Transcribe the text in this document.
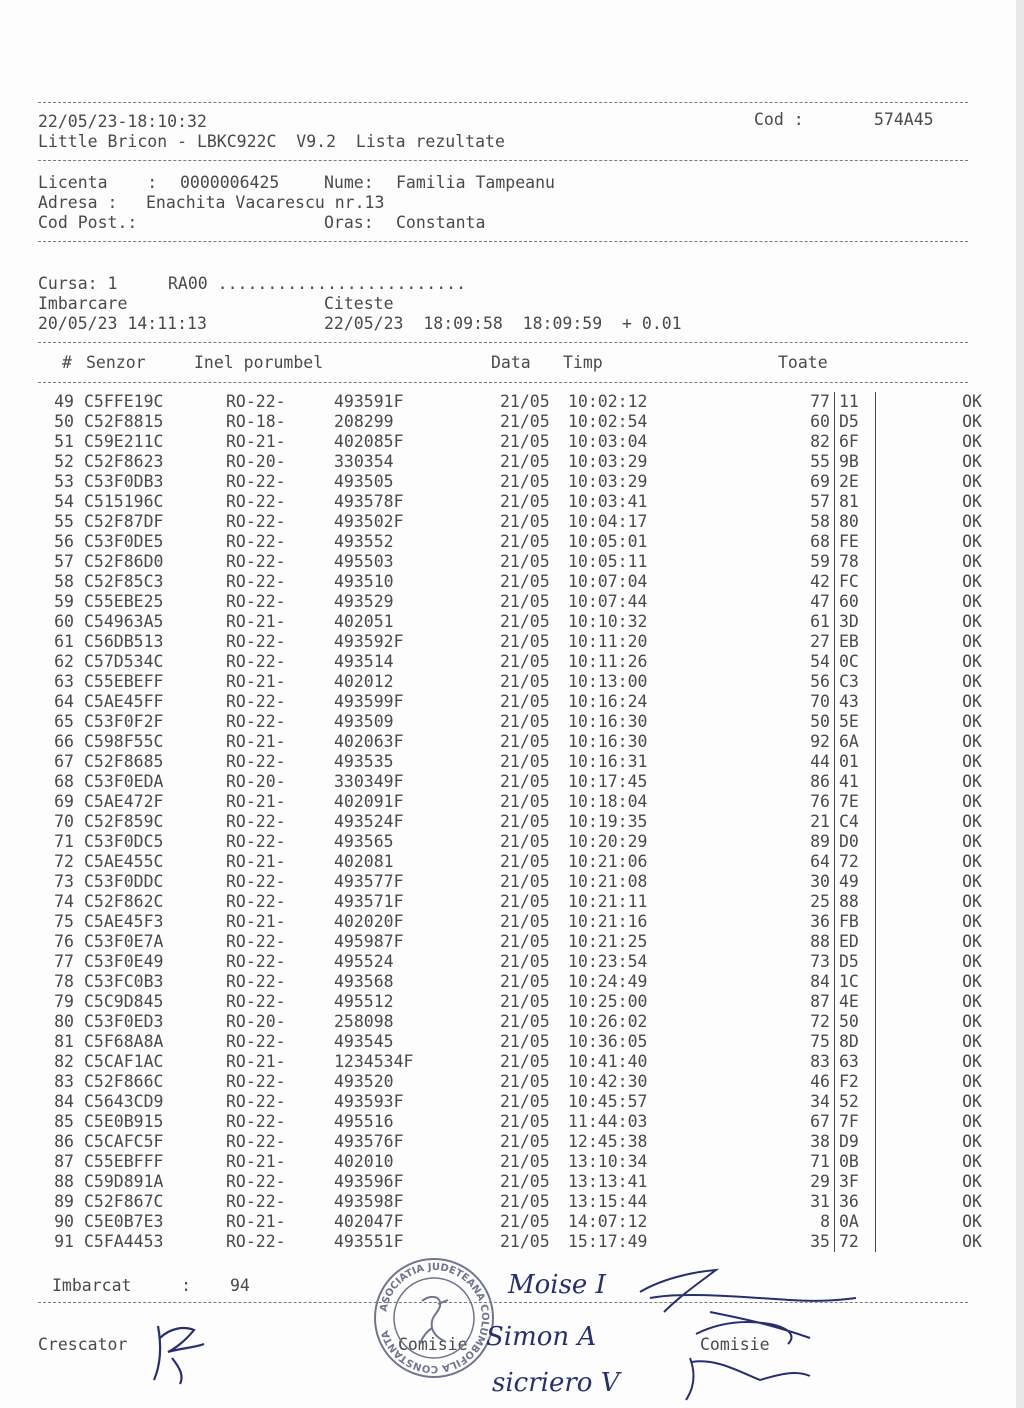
22/05/23-18:10:32	Cod :	574A45
Little Bricon - LBKC922C  V9.2  Lista rezultate
Licenta    : 0000006425	Nume: Familia Tampeanu
Adresa : Enachita Vacarescu nr.13
Cod Post.:	Oras: Constanta
Cursa: 1	RA00 .........................
Imbarcare	Citeste
20/05/23 14:11:13	22/05/23  18:09:58  18:09:59  + 0.01
# Senzor	Inel porumbel	Data Timp	Toate
49	C5FFE19C	RO-22-	493591F	21/05	10:02:12	77	11	OK
50	C52F8815	RO-18-	208299	21/05	10:02:54	60	D5	OK
51	C59E211C	RO-21-	402085F	21/05	10:03:04	82	6F	OK
52	C52F8623	RO-20-	330354	21/05	10:03:29	55	9B	OK
53	C53F0DB3	RO-22-	493505	21/05	10:03:29	69	2E	OK
54	C515196C	RO-22-	493578F	21/05	10:03:41	57	81	OK
55	C52F87DF	RO-22-	493502F	21/05	10:04:17	58	80	OK
56	C53F0DE5	RO-22-	493552	21/05	10:05:01	68	FE	OK
57	C52F86D0	RO-22-	495503	21/05	10:05:11	59	78	OK
58	C52F85C3	RO-22-	493510	21/05	10:07:04	42	FC	OK
59	C55EBE25	RO-22-	493529	21/05	10:07:44	47	60	OK
60	C54963A5	RO-21-	402051	21/05	10:10:32	61	3D	OK
61	C56DB513	RO-22-	493592F	21/05	10:11:20	27	EB	OK
62	C57D534C	RO-22-	493514	21/05	10:11:26	54	0C	OK
63	C55EBEFF	RO-21-	402012	21/05	10:13:00	56	C3	OK
64	C5AE45FF	RO-22-	493599F	21/05	10:16:24	70	43	OK
65	C53F0F2F	RO-22-	493509	21/05	10:16:30	50	5E	OK
66	C598F55C	RO-21-	402063F	21/05	10:16:30	92	6A	OK
67	C52F8685	RO-22-	493535	21/05	10:16:31	44	01	OK
68	C53F0EDA	RO-20-	330349F	21/05	10:17:45	86	41	OK
69	C5AE472F	RO-21-	402091F	21/05	10:18:04	76	7E	OK
70	C52F859C	RO-22-	493524F	21/05	10:19:35	21	C4	OK
71	C53F0DC5	RO-22-	493565	21/05	10:20:29	89	D0	OK
72	C5AE455C	RO-21-	402081	21/05	10:21:06	64	72	OK
73	C53F0DDC	RO-22-	493577F	21/05	10:21:08	30	49	OK
74	C52F862C	RO-22-	493571F	21/05	10:21:11	25	88	OK
75	C5AE45F3	RO-21-	402020F	21/05	10:21:16	36	FB	OK
76	C53F0E7A	RO-22-	495987F	21/05	10:21:25	88	ED	OK
77	C53F0E49	RO-22-	495524	21/05	10:23:54	73	D5	OK
78	C53FC0B3	RO-22-	493568	21/05	10:24:49	84	1C	OK
79	C5C9D845	RO-22-	495512	21/05	10:25:00	87	4E	OK
80	C53F0ED3	RO-20-	258098	21/05	10:26:02	72	50	OK
81	C5F68A8A	RO-22-	493545	21/05	10:36:05	75	8D	OK
82	C5CAF1AC	RO-21-	1234534F	21/05	10:41:40	83	63	OK
83	C52F866C	RO-22-	493520	21/05	10:42:30	46	F2	OK
84	C5643CD9	RO-22-	493593F	21/05	10:45:57	34	52	OK
85	C5E0B915	RO-22-	495516	21/05	11:44:03	67	7F	OK
86	C5CAFC5F	RO-22-	493576F	21/05	12:45:38	38	D9	OK
87	C55EBFFF	RO-21-	402010	21/05	13:10:34	71	0B	OK
88	C59D891A	RO-22-	493596F	21/05	13:13:41	29	3F	OK
89	C52F867C	RO-22-	493598F	21/05	13:15:44	31	36	OK
90	C5E0B7E3	RO-21-	402047F	21/05	14:07:12	8	0A	OK
91	C5FA4453	RO-22-	493551F	21/05	15:17:49	35	72	OK
Imbarcat     : 94
Crescator	Comisie	Comisie
ASOCIATIA JUDETEANA COLUMBOFILA CONSTANTA
Moise I
Simon A
sicriero V
